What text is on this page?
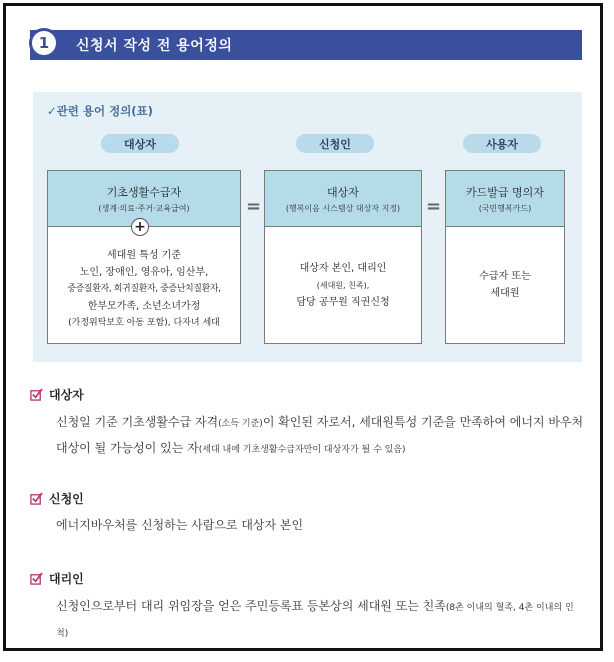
1	신청서 작성 전 용어정의
✓관련 용어 정의(표)
대상자	신청인	사용자
기초생활수급자
(생계·의료·주거·교육급여)
+
세대원 특성 기준
노인, 장애인, 영유아, 임산부,
중증질환자, 희귀질환자, 중증난치질환자,
한부모가족, 소년소녀가정
(가정위탁보호 아동 포함), 다자녀 세대
=
대상자
(행복이음 시스템상 대상자 지정)
대상자 본인, 대리인
(세대원, 친족),
담당 공무원 직권신청
=
카드발급 명의자
(국민행복카드)
수급자 또는
세대원
대상자
신청일 기준 기초생활수급 자격(소득 기준)이 확인된 자로서, 세대원특성 기준을 만족하여 에너지 바우처 대상이 될 가능성이 있는 자(세대 내에 기초생활수급자만이 대상자가 될 수 있음)
신청인
에너지바우처를 신청하는 사람으로 대상자 본인
대리인
신청인으로부터 대리 위임장을 얻은 주민등록표 등본상의 세대원 또는 친족(8촌 이내의 혈족, 4촌 이내의 인척)
